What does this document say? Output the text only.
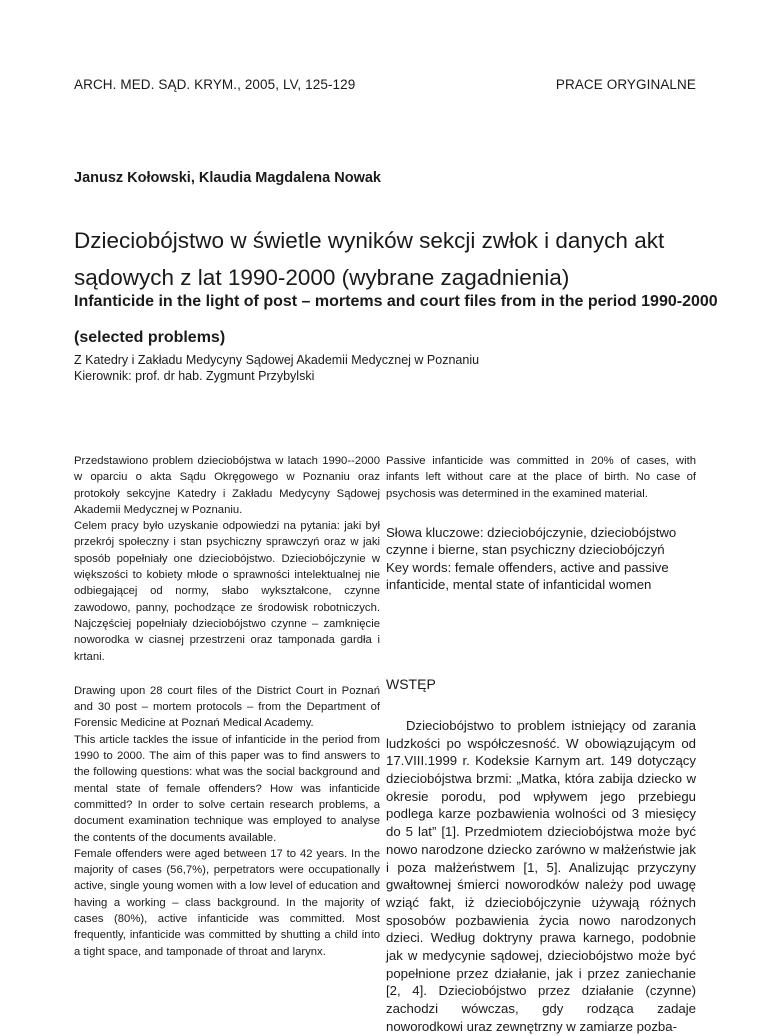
ARCH. MED. SĄD. KRYM., 2005, LV, 125-129	PRACE ORYGINALNE
Janusz Kołowski, Klaudia Magdalena Nowak
Dzieciobójstwo w świetle wyników sekcji zwłok i danych akt sądowych z lat 1990-2000 (wybrane zagadnienia)
Infanticide in the light of post – mortems and court files from in the period 1990-2000 (selected problems)
Z Katedry i Zakładu Medycyny Sądowej Akademii Medycznej w Poznaniu
Kierownik: prof. dr hab. Zygmunt Przybylski

Przedstawiono problem dzieciobójstwa w latach 1990--2000 w oparciu o akta Sądu Okręgowego w Poznaniu oraz protokoły sekcyjne Katedry i Zakładu Medycyny Sądowej Akademii Medycznej w Poznaniu.

Celem pracy było uzyskanie odpowiedzi na pytania: jaki był przekrój społeczny i stan psychiczny sprawczyń oraz w jaki sposób popełniały one dzieciobójstwo. Dzieciobójczynie w większości to kobiety młode o sprawności intelektualnej nie odbiegającej od normy, słabo wykształcone, czynne zawodowo, panny, pochodzące ze środowisk robotniczych. Najczęściej popełniały dzieciobójstwo czynne – zamknięcie noworodka w ciasnej przestrzeni oraz tamponada gardła i krtani.

Drawing upon 28 court files of the District Court in Poznań and 30 post – mortem protocols – from the Department of Forensic Medicine at Poznań Medical Academy.

This article tackles the issue of infanticide in the period from 1990 to 2000. The aim of this paper was to find answers to the following questions: what was the social background and mental state of female offenders? How was infanticide committed? In order to solve certain research problems, a document examination technique was employed to analyse the contents of the documents available.

Female offenders were aged between 17 to 42 years. In the majority of cases (56,7%), perpetrators were occupationally active, single young women with a low level of education and having a working – class background. In the majority of cases (80%), active infanticide was committed. Most frequently, infanticide was committed by shutting a child into a tight space, and tamponade of throat and larynx.

Passive infanticide was committed in 20% of cases, with infants left without care at the place of birth. No case of psychosis was determined in the examined material.

Słowa kluczowe: dzieciobójczynie, dzieciobójstwo czynne i bierne, stan psychiczny dzieciobójczyń
Key words: female offenders, active and passive infanticide, mental state of infanticidal women
WSTĘP

Dzieciobójstwo to problem istniejący od zarania ludzkości po współczesność. W obowiązującym od 17.VIII.1999 r. Kodeksie Karnym art. 149 dotyczący dzieciobójstwa brzmi: „Matka, która zabija dziecko w okresie porodu, pod wpływem jego przebiegu podlega karze pozbawienia wolności od 3 miesięcy do 5 lat” [1]. Przedmiotem dzieciobójstwa może być nowo narodzone dziecko zarówno w małżeństwie jak i poza małżeństwem [1, 5]. Analizując przyczyny gwałtownej śmierci noworodków należy pod uwagę wziąć fakt, iż dzieciobójczynie używają różnych sposobów pozbawienia życia nowo narodzonych dzieci. Według doktryny prawa karnego, podobnie jak w medycynie sądowej, dzieciobójstwo może być popełnione przez działanie, jak i przez zaniechanie [2, 4]. Dzieciobójstwo przez działanie (czynne) zachodzi wówczas, gdy rodząca zadaje noworodkowi uraz zewnętrzny w zamiarze pozba-
